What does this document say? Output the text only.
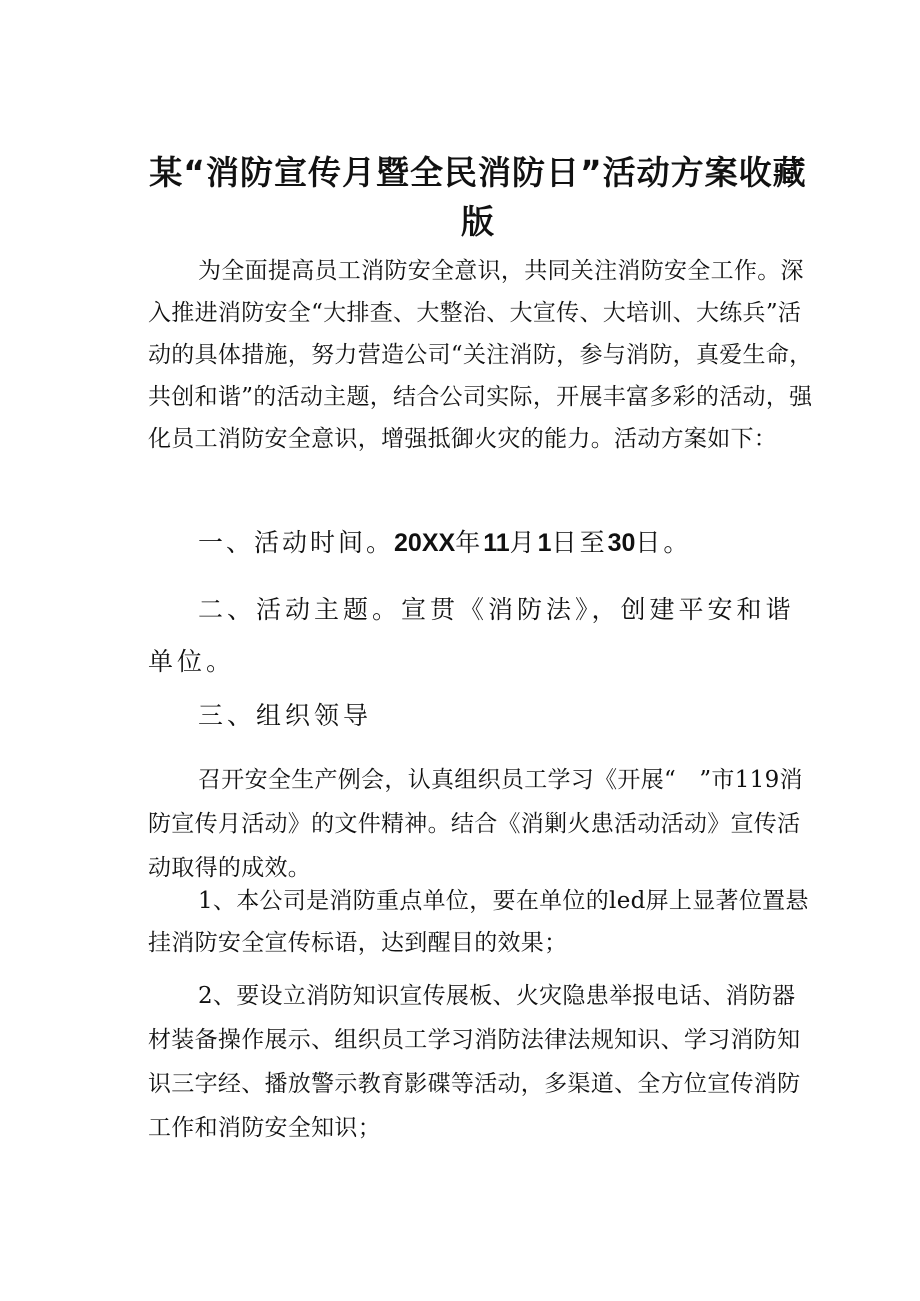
某“消防宣传月暨全民消防日”活动方案收藏版
为全面提高员工消防安全意识，共同关注消防安全工作。深入推进消防安全“大排查、大整治、大宣传、大培训、大练兵”活动的具体措施，努力营造公司“关注消防，参与消防，真爱生命，共创和谐”的活动主题，结合公司实际，开展丰富多彩的活动，强化员工消防安全意识，增强抵御火灾的能力。活动方案如下：
一、活动时间。20XX年11月1日至30日。
二、活动主题。宣贯《消防法》，创建平安和谐单位。
三、组织领导
召开安全生产例会，认真组织员工学习《开展“　”市119消防宣传月活动》的文件精神。结合《消剿火患活动活动》宣传活动取得的成效。
1、本公司是消防重点单位，要在单位的led屏上显著位置悬挂消防安全宣传标语，达到醒目的效果；
2、要设立消防知识宣传展板、火灾隐患举报电话、消防器材装备操作展示、组织员工学习消防法律法规知识、学习消防知识三字经、播放警示教育影碟等活动，多渠道、全方位宣传消防工作和消防安全知识；
